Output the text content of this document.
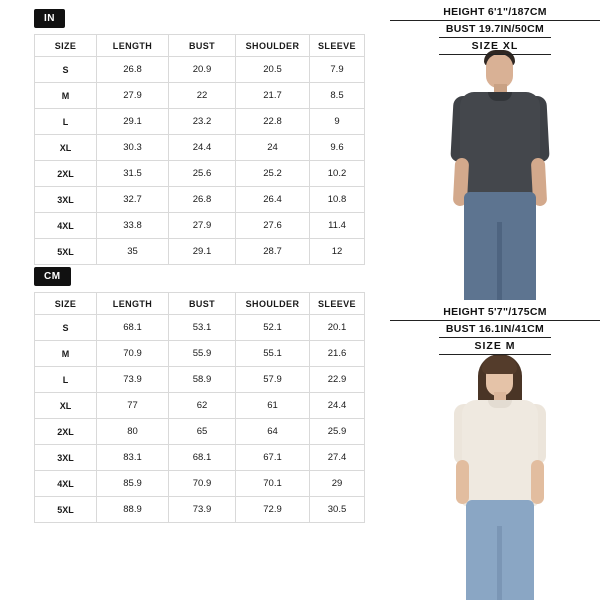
IN
SIZE	LENGTH	BUST	SHOULDER	SLEEVE
S	26.8	20.9	20.5	7.9
M	27.9	22	21.7	8.5
L	29.1	23.2	22.8	9
XL	30.3	24.4	24	9.6
2XL	31.5	25.6	25.2	10.2
3XL	32.7	26.8	26.4	10.8
4XL	33.8	27.9	27.6	11.4
5XL	35	29.1	28.7	12
CM
SIZE	LENGTH	BUST	SHOULDER	SLEEVE
S	68.1	53.1	52.1	20.1
M	70.9	55.9	55.1	21.6
L	73.9	58.9	57.9	22.9
XL	77	62	61	24.4
2XL	80	65	64	25.9
3XL	83.1	68.1	67.1	27.4
4XL	85.9	70.9	70.1	29
5XL	88.9	73.9	72.9	30.5
HEIGHT 6'1"/187CM
BUST 19.7IN/50CM
SIZE XL
HEIGHT 5'7"/175CM
BUST 16.1IN/41CM
SIZE M
